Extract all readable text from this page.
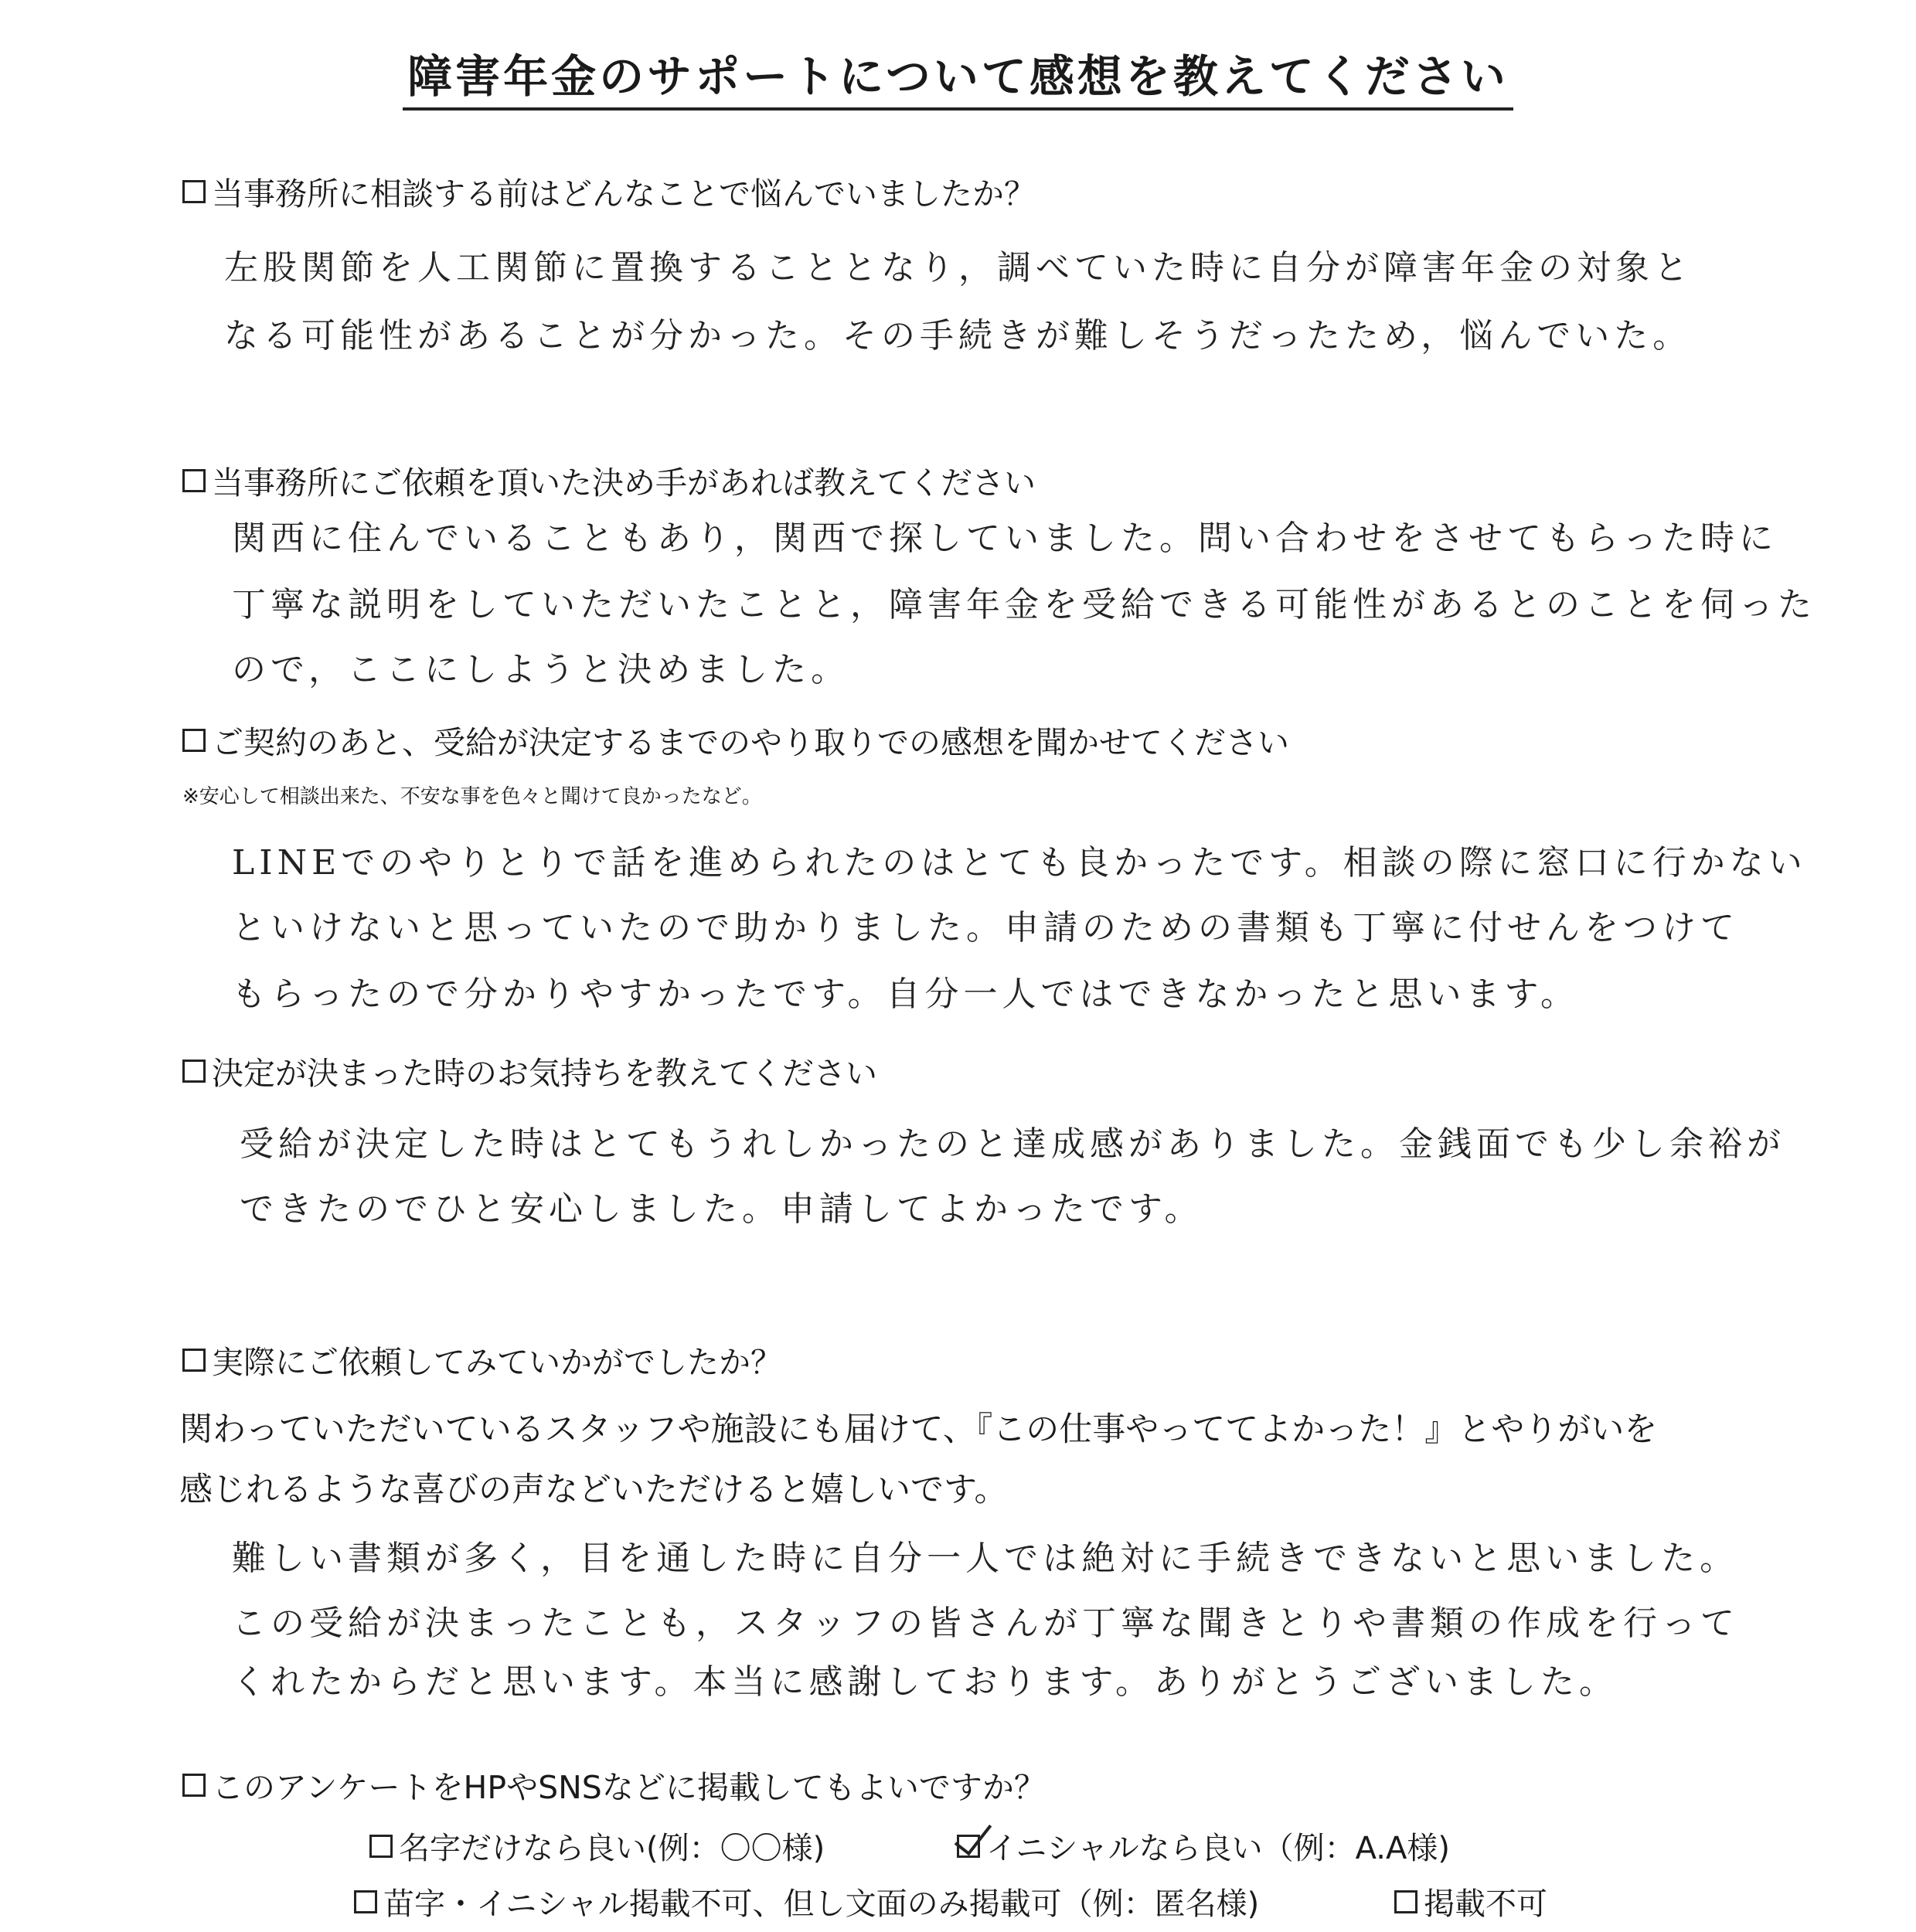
障害年金のサポートについて感想を教えてください
当事務所に相談する前はどんなことで悩んでいましたか？
左股関節を人工関節に置換することとなり，調べていた時に自分が障害年金の対象と
なる可能性があることが分かった。その手続きが難しそうだったため，悩んでいた。
当事務所にご依頼を頂いた決め手があれば教えてください
関西に住んでいることもあり，関西で探していました。問い合わせをさせてもらった時に
丁寧な説明をしていただいたことと，障害年金を受給できる可能性があるとのことを伺った
ので，ここにしようと決めました。
ご契約のあと、受給が決定するまでのやり取りでの感想を聞かせてください
※安心して相談出来た、不安な事を色々と聞けて良かったなど。
LINEでのやりとりで話を進められたのはとても良かったです。相談の際に窓口に行かない
といけないと思っていたので助かりました。申請のための書類も丁寧に付せんをつけて
もらったので分かりやすかったです。自分一人ではできなかったと思います。
決定が決まった時のお気持ちを教えてください
受給が決定した時はとてもうれしかったのと達成感がありました。金銭面でも少し余裕が
できたのでひと安心しました。申請してよかったです。
実際にご依頼してみていかがでしたか？
関わっていただいているスタッフや施設にも届けて、『この仕事やっててよかった！』とやりがいを
感じれるような喜びの声などいただけると嬉しいです。
難しい書類が多く，目を通した時に自分一人では絶対に手続きできないと思いました。
この受給が決まったことも，スタッフの皆さんが丁寧な聞きとりや書類の作成を行って
くれたからだと思います。本当に感謝しております。ありがとうございました。
このアンケートをHPやSNSなどに掲載してもよいですか？
名字だけなら良い(例：〇〇様)	イニシャルなら良い（例：A.A様)
苗字・イニシャル掲載不可、但し文面のみ掲載可（例：匿名様)	掲載不可
